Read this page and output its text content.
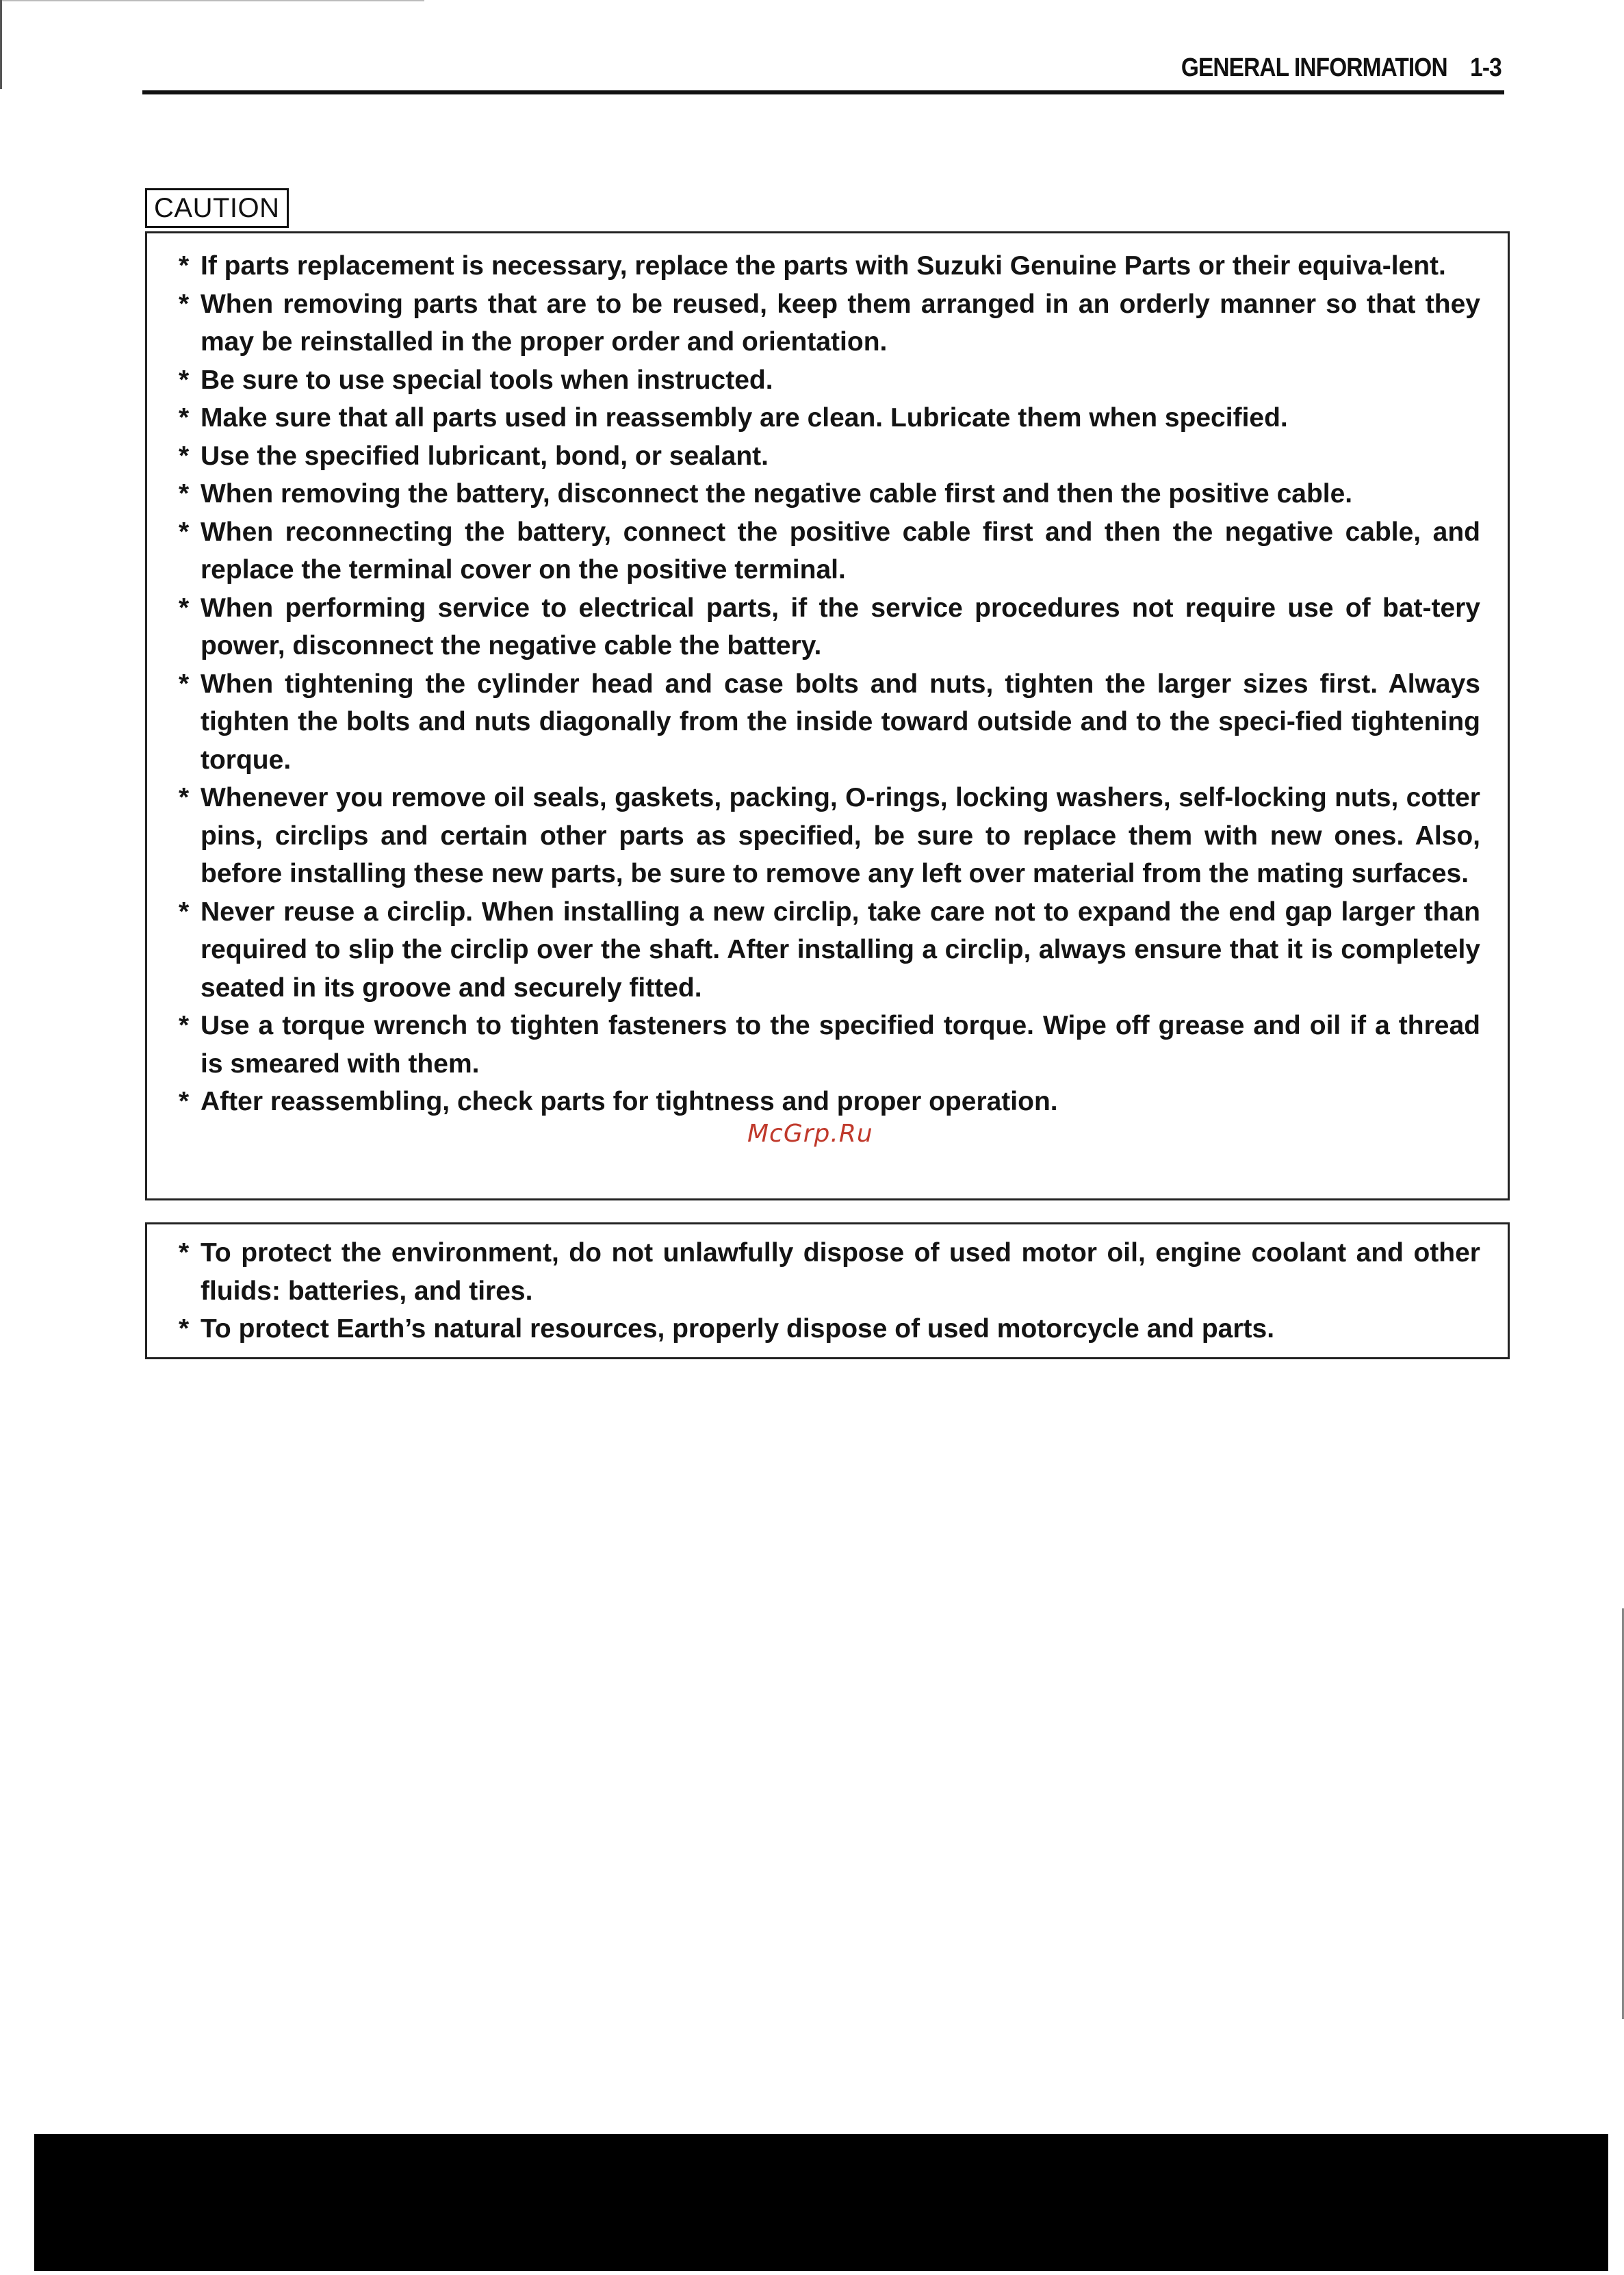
GENERAL INFORMATION 1-3
CAUTION
* If parts replacement is necessary, replace the parts with Suzuki Genuine Parts or their equiva-lent.
* When removing parts that are to be reused, keep them arranged in an orderly manner so that they may be reinstalled in the proper order and orientation.
* Be sure to use special tools when instructed.
* Make sure that all parts used in reassembly are clean. Lubricate them when specified.
* Use the specified lubricant, bond, or sealant.
* When removing the battery, disconnect the negative cable first and then the positive cable.
* When reconnecting the battery, connect the positive cable first and then the negative cable, and replace the terminal cover on the positive terminal.
* When performing service to electrical parts, if the service procedures not require use of bat-tery power, disconnect the negative cable the battery.
* When tightening the cylinder head and case bolts and nuts, tighten the larger sizes first. Always tighten the bolts and nuts diagonally from the inside toward outside and to the speci-fied tightening torque.
* Whenever you remove oil seals, gaskets, packing, O-rings, locking washers, self-locking nuts, cotter pins, circlips and certain other parts as specified, be sure to replace them with new ones. Also, before installing these new parts, be sure to remove any left over material from the mating surfaces.
* Never reuse a circlip. When installing a new circlip, take care not to expand the end gap larger than required to slip the circlip over the shaft. After installing a circlip, always ensure that it is completely seated in its groove and securely fitted.
* Use a torque wrench to tighten fasteners to the specified torque. Wipe off grease and oil if a thread is smeared with them.
* After reassembling, check parts for tightness and proper operation.
McGrp.Ru
* To protect the environment, do not unlawfully dispose of used motor oil, engine coolant and other fluids: batteries, and tires.
* To protect Earth’s natural resources, properly dispose of used motorcycle and parts.
